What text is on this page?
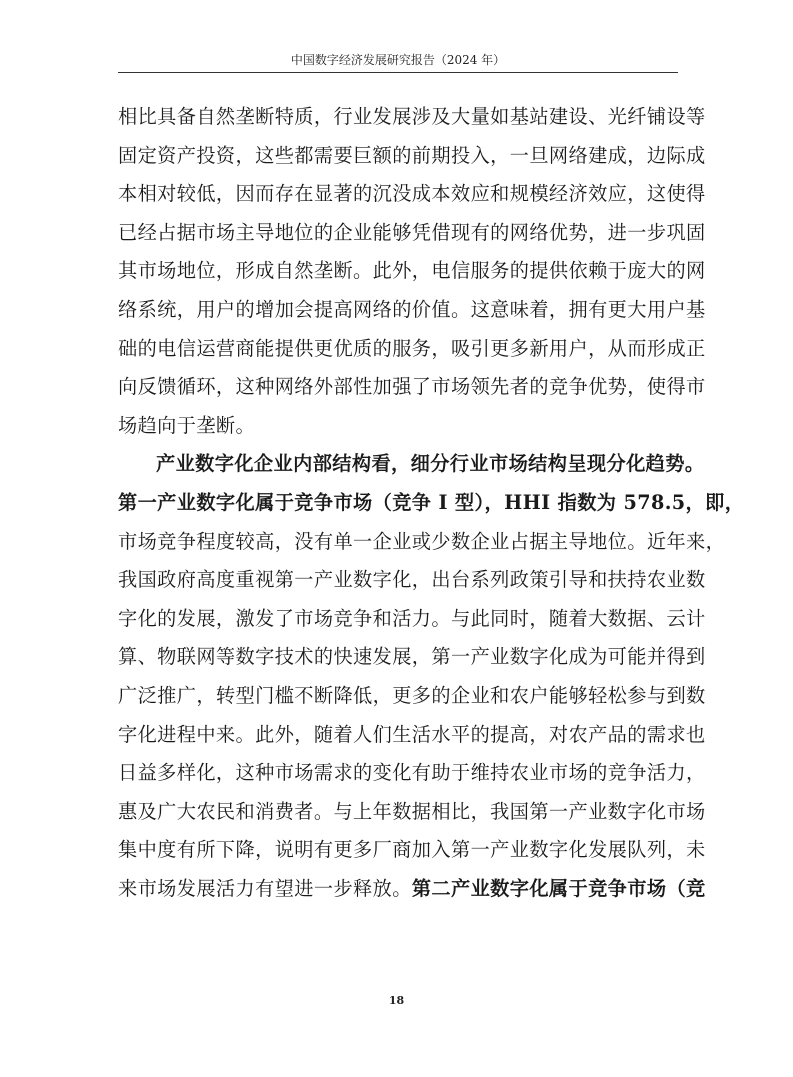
中国数字经济发展研究报告（2024 年）
相比具备自然垄断特质，行业发展涉及大量如基站建设、光纤铺设等
固定资产投资，这些都需要巨额的前期投入，一旦网络建成，边际成
本相对较低，因而存在显著的沉没成本效应和规模经济效应，这使得
已经占据市场主导地位的企业能够凭借现有的网络优势，进一步巩固
其市场地位，形成自然垄断。此外，电信服务的提供依赖于庞大的网
络系统，用户的增加会提高网络的价值。这意味着，拥有更大用户基
础的电信运营商能提供更优质的服务，吸引更多新用户，从而形成正
向反馈循环，这种网络外部性加强了市场领先者的竞争优势，使得市
场趋向于垄断。
产业数字化企业内部结构看，细分行业市场结构呈现分化趋势。
第一产业数字化属于竞争市场（竞争 I 型），HHI 指数为 578.5，即，
市场竞争程度较高，没有单一企业或少数企业占据主导地位。近年来，
我国政府高度重视第一产业数字化，出台系列政策引导和扶持农业数
字化的发展，激发了市场竞争和活力。与此同时，随着大数据、云计
算、物联网等数字技术的快速发展，第一产业数字化成为可能并得到
广泛推广，转型门槛不断降低，更多的企业和农户能够轻松参与到数
字化进程中来。此外，随着人们生活水平的提高，对农产品的需求也
日益多样化，这种市场需求的变化有助于维持农业市场的竞争活力，
惠及广大农民和消费者。与上年数据相比，我国第一产业数字化市场
集中度有所下降，说明有更多厂商加入第一产业数字化发展队列，未
来市场发展活力有望进一步释放。第二产业数字化属于竞争市场（竞
18
